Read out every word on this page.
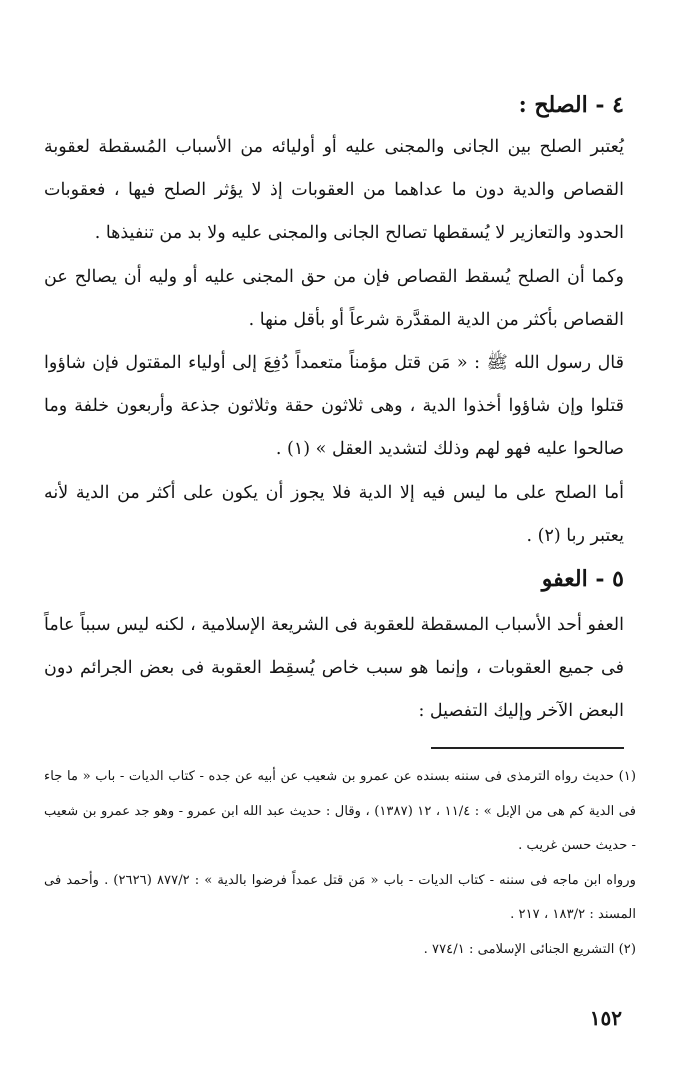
٤ - الصلح :

يُعتبر الصلح بين الجانى والمجنى عليه أو أوليائه من الأسباب المُسقطة لعقوبة القصاص والدية دون ما عداهما من العقوبات إذ لا يؤثر الصلح فيها ، فعقوبات الحدود والتعازير لا يُسقطها تصالح الجانى والمجنى عليه ولا بد من تنفيذها .

وكما أن الصلح يُسقط القصاص فإن من حق المجنى عليه أو وليه أن يصالح عن القصاص بأكثر من الدية المقدَّرة شرعاً أو بأقل منها .

قال رسول الله ﷺ : « مَن قتل مؤمناً متعمداً دُفِعَ إلى أولياء المقتول فإن شاؤوا قتلوا وإن شاؤوا أخذوا الدية ، وهى ثلاثون حقة وثلاثون جذعة وأربعون خلفة وما صالحوا عليه فهو لهم وذلك لتشديد العقل » (١) .

أما الصلح على ما ليس فيه إلا الدية فلا يجوز أن يكون على أكثر من الدية لأنه يعتبر ربا (٢) .

٥ - العفو

العفو أحد الأسباب المسقطة للعقوبة فى الشريعة الإسلامية ، لكنه ليس سبباً عاماً فى جميع العقوبات ، وإنما هو سبب خاص يُسقِط العقوبة فى بعض الجرائم دون البعض الآخر وإليك التفصيل :

(١) حديث رواه الترمذى فى سننه بسنده عن عمرو بن شعيب عن أبيه عن جده - كتاب الديات - باب « ما جاء فى الدية كم هى من الإبل » : ١١/٤ ، ١٢ (١٣٨٧) ، وقال : حديث عبد الله ابن عمرو - وهو جد عمرو بن شعيب - حديث حسن غريب .

ورواه ابن ماجه فى سننه - كتاب الديات - باب « مَن قتل عمداً فرضوا بالدية » : ٨٧٧/٢ (٢٦٢٦) . وأحمد فى المسند : ١٨٣/٢ ، ٢١٧ .

(٢) التشريع الجنائى الإسلامى : ٧٧٤/١ .

١٥٢
